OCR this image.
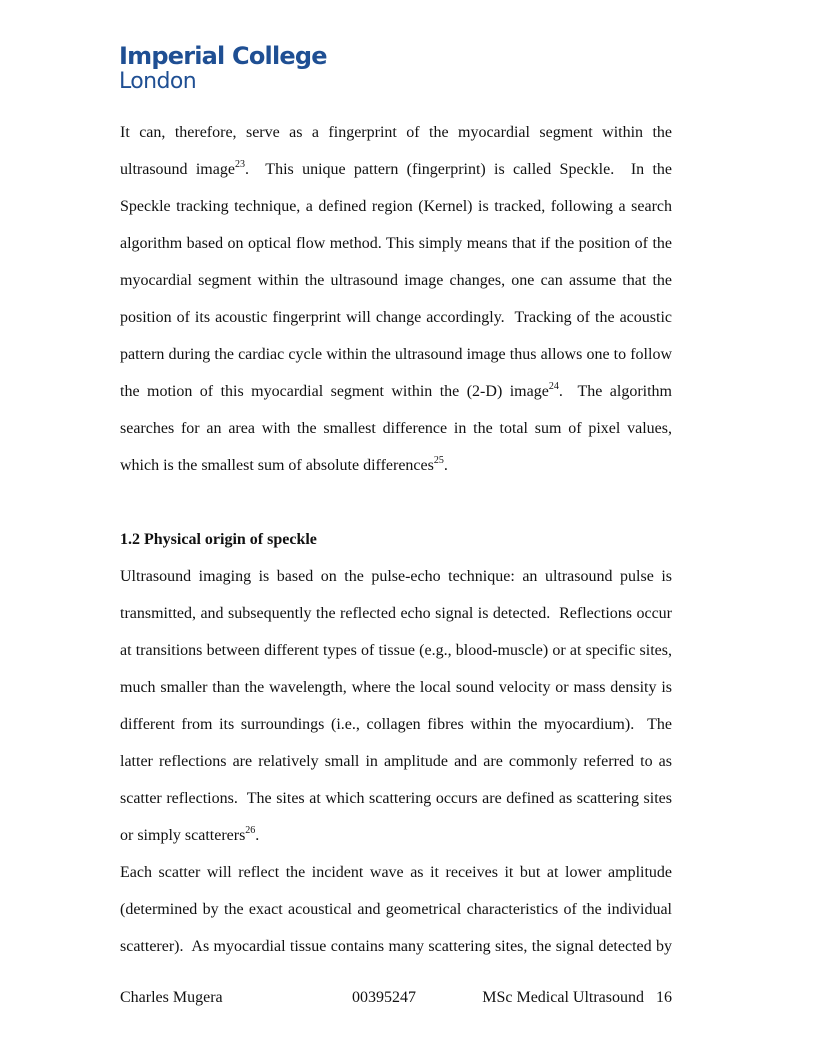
Imperial College
London
It can, therefore, serve as a fingerprint of the myocardial segment within the
ultrasound image$^{23}$.  This unique pattern (fingerprint) is called Speckle.  In the
Speckle tracking technique, a defined region (Kernel) is tracked, following a search
algorithm based on optical flow method. This simply means that if the position of the
myocardial segment within the ultrasound image changes, one can assume that the
position of its acoustic fingerprint will change accordingly.  Tracking of the acoustic
pattern during the cardiac cycle within the ultrasound image thus allows one to follow
the motion of this myocardial segment within the (2-D) image$^{24}$.  The algorithm
searches for an area with the smallest difference in the total sum of pixel values,
which is the smallest sum of absolute differences$^{25}$.
1.2 Physical origin of speckle
Ultrasound imaging is based on the pulse-echo technique: an ultrasound pulse is
transmitted, and subsequently the reflected echo signal is detected.  Reflections occur
at transitions between different types of tissue (e.g., blood-muscle) or at specific sites,
much smaller than the wavelength, where the local sound velocity or mass density is
different from its surroundings (i.e., collagen fibres within the myocardium).  The
latter reflections are relatively small in amplitude and are commonly referred to as
scatter reflections.  The sites at which scattering occurs are defined as scattering sites
or simply scatterers$^{26}$.
Each scatter will reflect the incident wave as it receives it but at lower amplitude
(determined by the exact acoustical and geometrical characteristics of the individual
scatterer).  As myocardial tissue contains many scattering sites, the signal detected by
Charles Mugera	00395247	MSc Medical Ultrasound   16
